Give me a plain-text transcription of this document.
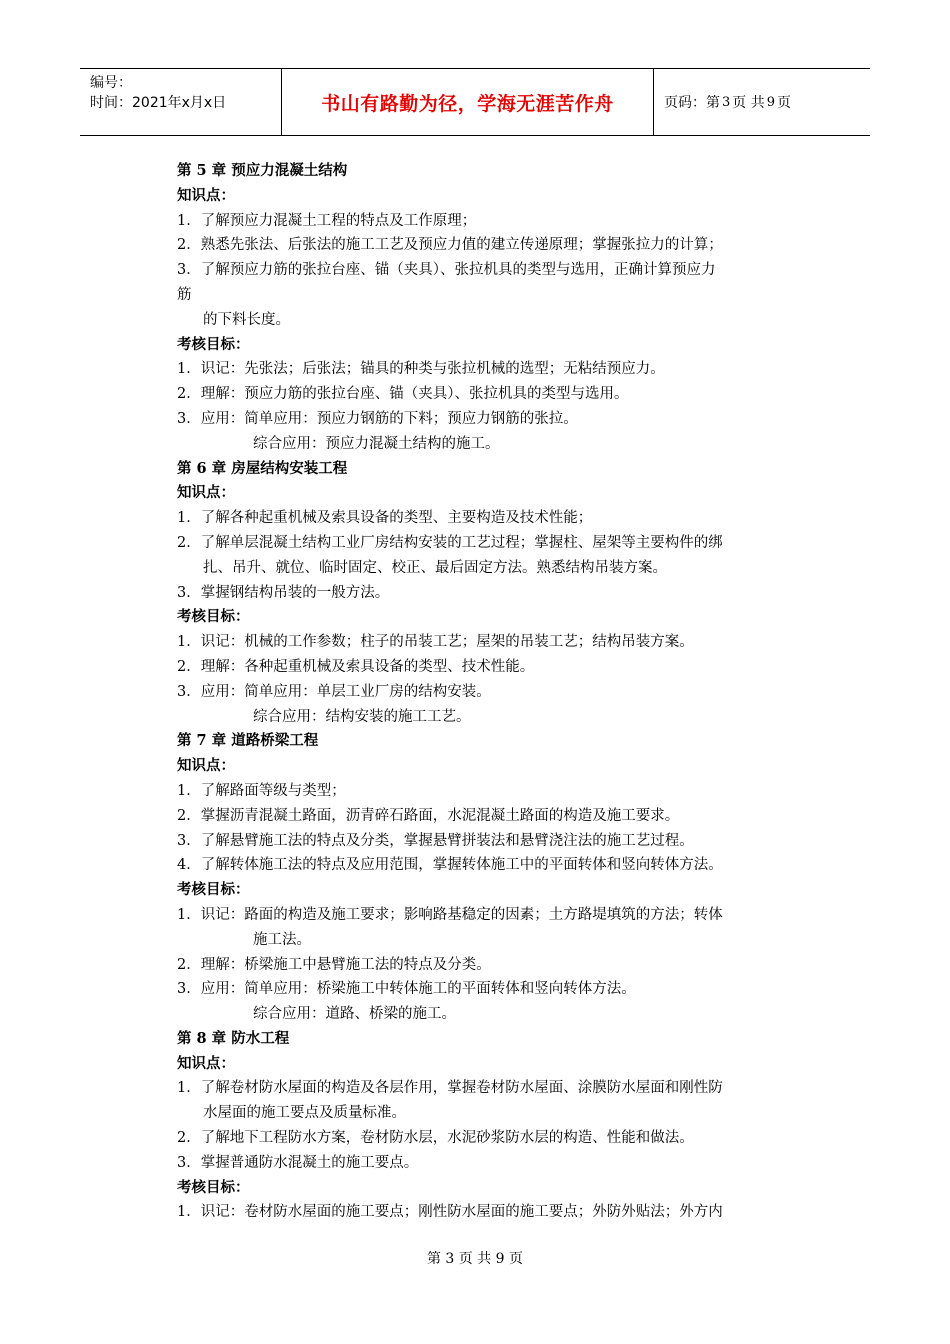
编号：
时间：2021年x月x日	书山有路勤为径，学海无涯苦作舟	页码：第 3 页 共 9 页
第 5 章 预应力混凝土结构
知识点：
1．了解预应力混凝土工程的特点及工作原理；
2．熟悉先张法、后张法的施工工艺及预应力值的建立传递原理；掌握张拉力的计算；
3．了解预应力筋的张拉台座、锚（夹具）、张拉机具的类型与选用，正确计算预应力
筋
的下料长度。
考核目标：
1．识记：先张法；后张法；锚具的种类与张拉机械的选型；无粘结预应力。
2．理解：预应力筋的张拉台座、锚（夹具）、张拉机具的类型与选用。
3．应用：简单应用：预应力钢筋的下料；预应力钢筋的张拉。
综合应用：预应力混凝土结构的施工。
第 6 章 房屋结构安装工程
知识点：
1．了解各种起重机械及索具设备的类型、主要构造及技术性能；
2．了解单层混凝土结构工业厂房结构安装的工艺过程；掌握柱、屋架等主要构件的绑
扎、吊升、就位、临时固定、校正、最后固定方法。熟悉结构吊装方案。
3．掌握钢结构吊装的一般方法。
考核目标：
1．识记：机械的工作参数；柱子的吊装工艺；屋架的吊装工艺；结构吊装方案。
2．理解：各种起重机械及索具设备的类型、技术性能。
3．应用：简单应用：单层工业厂房的结构安装。
综合应用：结构安装的施工工艺。
第 7 章 道路桥梁工程
知识点：
1．了解路面等级与类型；
2．掌握沥青混凝土路面，沥青碎石路面，水泥混凝土路面的构造及施工要求。
3．了解悬臂施工法的特点及分类，掌握悬臂拼装法和悬臂浇注法的施工艺过程。
4．了解转体施工法的特点及应用范围，掌握转体施工中的平面转体和竖向转体方法。
考核目标：
1．识记：路面的构造及施工要求；影响路基稳定的因素；土方路堤填筑的方法；转体
施工法。
2．理解：桥梁施工中悬臂施工法的特点及分类。
3．应用：简单应用：桥梁施工中转体施工的平面转体和竖向转体方法。
综合应用：道路、桥梁的施工。
第 8 章 防水工程
知识点：
1．了解卷材防水屋面的构造及各层作用，掌握卷材防水屋面、涂膜防水屋面和刚性防
水屋面的施工要点及质量标准。
2．了解地下工程防水方案，卷材防水层，水泥砂浆防水层的构造、性能和做法。
3．掌握普通防水混凝土的施工要点。
考核目标：
1．识记：卷材防水屋面的施工要点；刚性防水屋面的施工要点；外防外贴法；外方内
第 3 页 共 9 页
